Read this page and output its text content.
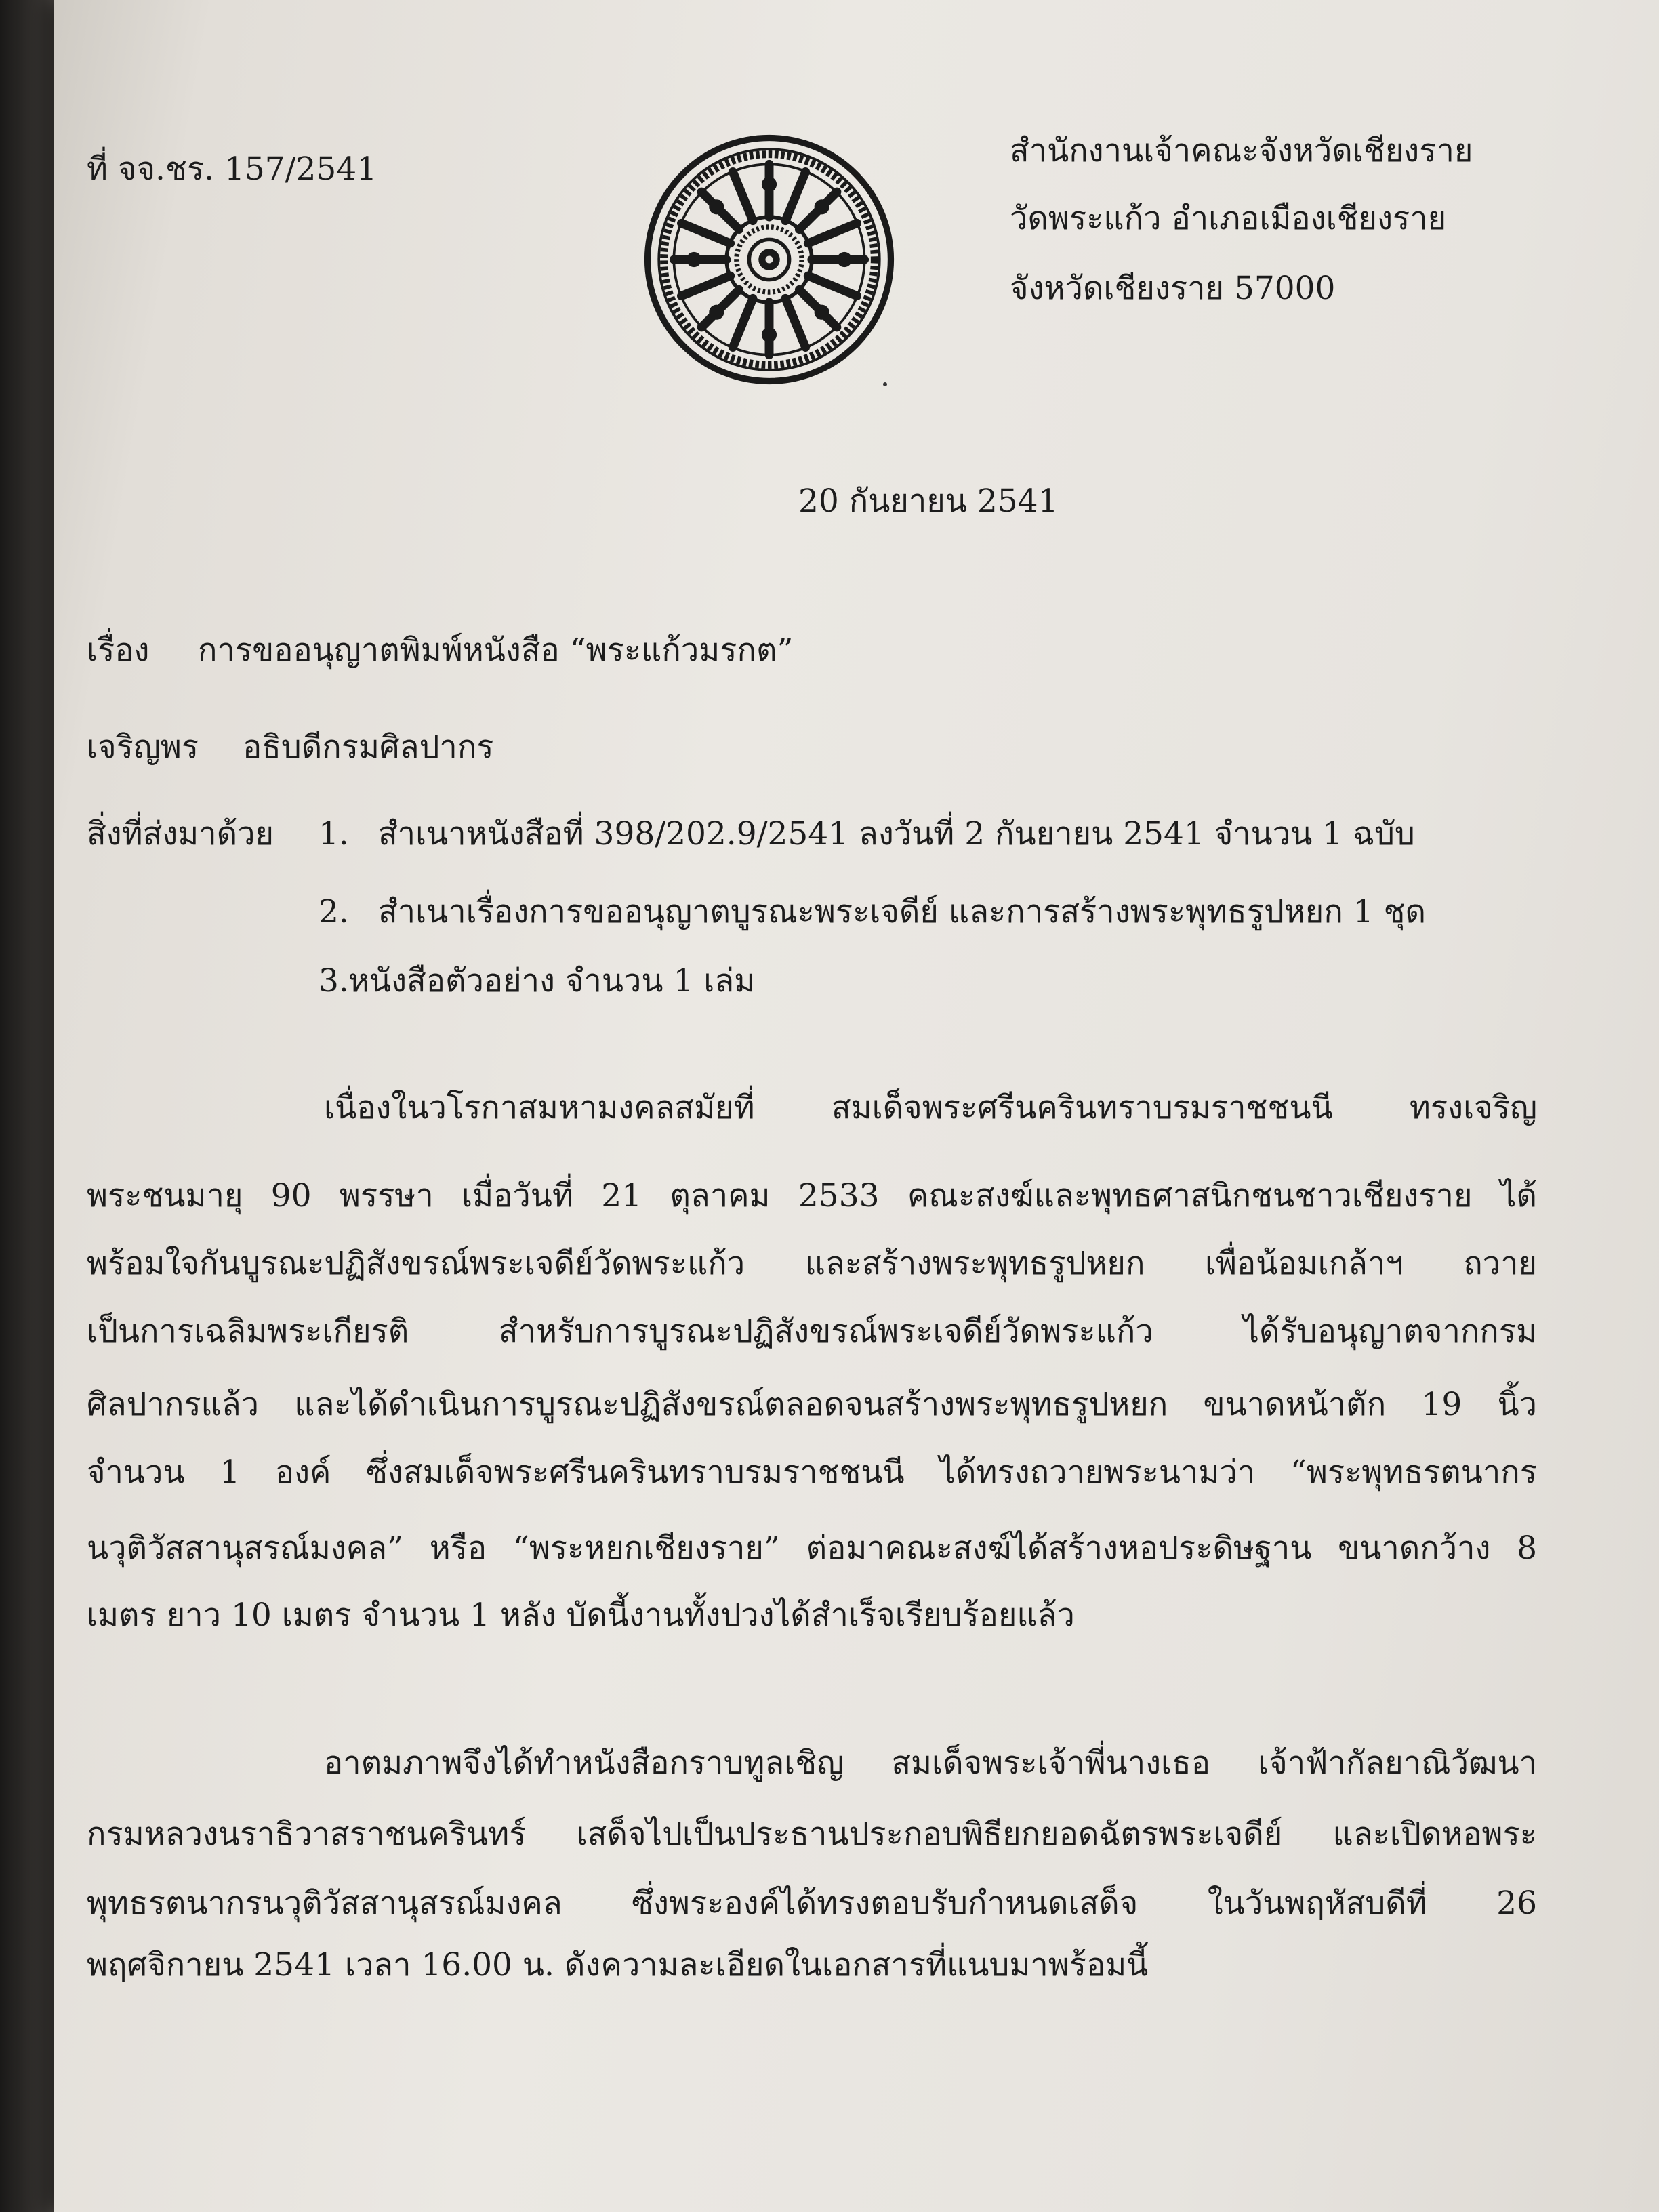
ที่ จจ.ชร. 157/2541	สำนักงานเจ้าคณะจังหวัดเชียงราย
วัดพระแก้ว อำเภอเมืองเชียงราย
จังหวัดเชียงราย 57000
20 กันยายน 2541
เรื่อง การขออนุญาตพิมพ์หนังสือ “พระแก้วมรกต”
เจริญพร อธิบดีกรมศิลปากร
สิ่งที่ส่งมาด้วย 1. สำเนาหนังสือที่ 398/202.9/2541 ลงวันที่ 2 กันยายน 2541 จำนวน 1 ฉบับ
2. สำเนาเรื่องการขออนุญาตบูรณะพระเจดีย์ และการสร้างพระพุทธรูปหยก 1 ชุด
3. หนังสือตัวอย่าง จำนวน 1 เล่ม
เนื่องในวโรกาสมหามงคลสมัยที่ สมเด็จพระศรีนครินทราบรมราชชนนี ทรงเจริญ
พระชนมายุ 90 พรรษา เมื่อวันที่ 21 ตุลาคม 2533 คณะสงฆ์และพุทธศาสนิกชนชาวเชียงราย ได้
พร้อมใจกันบูรณะปฏิสังขรณ์พระเจดีย์วัดพระแก้ว และสร้างพระพุทธรูปหยก เพื่อน้อมเกล้าฯ ถวาย
เป็นการเฉลิมพระเกียรติ สำหรับการบูรณะปฏิสังขรณ์พระเจดีย์วัดพระแก้ว ได้รับอนุญาตจากกรม
ศิลปากรแล้ว และได้ดำเนินการบูรณะปฏิสังขรณ์ตลอดจนสร้างพระพุทธรูปหยก ขนาดหน้าตัก 19 นิ้ว
จำนวน 1 องค์ ซึ่งสมเด็จพระศรีนครินทราบรมราชชนนี ได้ทรงถวายพระนามว่า “พระพุทธรตนากร
นวุติวัสสานุสรณ์มงคล” หรือ “พระหยกเชียงราย” ต่อมาคณะสงฆ์ได้สร้างหอประดิษฐาน ขนาดกว้าง 8
เมตร ยาว 10 เมตร จำนวน 1 หลัง บัดนี้งานทั้งปวงได้สำเร็จเรียบร้อยแล้ว
อาตมภาพจึงได้ทำหนังสือกราบทูลเชิญ สมเด็จพระเจ้าพี่นางเธอ เจ้าฟ้ากัลยาณิวัฒนา
กรมหลวงนราธิวาสราชนครินทร์ เสด็จไปเป็นประธานประกอบพิธียกยอดฉัตรพระเจดีย์ และเปิดหอพระ
พุทธรตนากรนวุติวัสสานุสรณ์มงคล ซึ่งพระองค์ได้ทรงตอบรับกำหนดเสด็จ ในวันพฤหัสบดีที่ 26
พฤศจิกายน 2541 เวลา 16.00 น. ดังความละเอียดในเอกสารที่แนบมาพร้อมนี้
